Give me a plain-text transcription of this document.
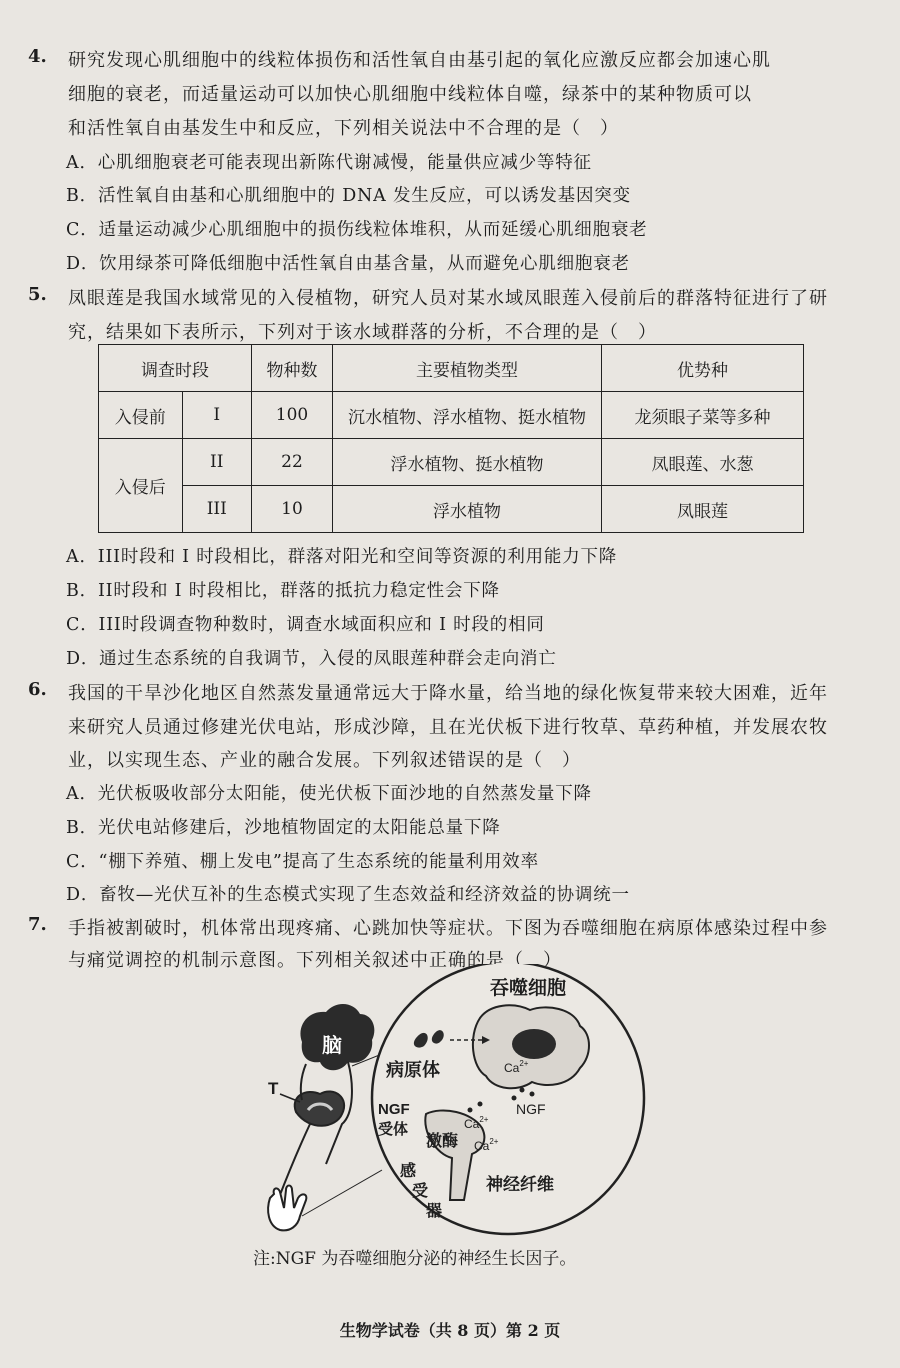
4. 研究发现心肌细胞中的线粒体损伤和活性氧自由基引起的氧化应激反应都会加速心肌
细胞的衰老，而适量运动可以加快心肌细胞中线粒体自噬，绿茶中的某种物质可以
和活性氧自由基发生中和反应，下列相关说法中不合理的是（　）
A．心肌细胞衰老可能表现出新陈代谢减慢，能量供应减少等特征
B．活性氧自由基和心肌细胞中的 DNA 发生反应，可以诱发基因突变
C．适量运动减少心肌细胞中的损伤线粒体堆积，从而延缓心肌细胞衰老
D．饮用绿茶可降低细胞中活性氧自由基含量，从而避免心肌细胞衰老
5. 凤眼莲是我国水域常见的入侵植物，研究人员对某水域凤眼莲入侵前后的群落特征进行了研
究，结果如下表所示，下列对于该水域群落的分析，不合理的是（　）
调查时段		物种数	主要植物类型	优势种
入侵前	I	100	沉水植物、浮水植物、挺水植物	龙须眼子菜等多种
入侵后	II	22	浮水植物、挺水植物	凤眼莲、水葱
	III	10	浮水植物	凤眼莲
A．III时段和 I 时段相比，群落对阳光和空间等资源的利用能力下降
B．II时段和 I 时段相比，群落的抵抗力稳定性会下降
C．III时段调查物种数时，调查水域面积应和 I 时段的相同
D．通过生态系统的自我调节，入侵的凤眼莲种群会走向消亡
6. 我国的干旱沙化地区自然蒸发量通常远大于降水量，给当地的绿化恢复带来较大困难，近年
来研究人员通过修建光伏电站，形成沙障，且在光伏板下进行牧草、草药种植，并发展农牧
业，以实现生态、产业的融合发展。下列叙述错误的是（　）
A．光伏板吸收部分太阳能，使光伏板下面沙地的自然蒸发量下降
B．光伏电站修建后，沙地植物固定的太阳能总量下降
C．“棚下养殖、棚上发电”提高了生态系统的能量利用效率
D．畜牧—光伏互补的生态模式实现了生态效益和经济效益的协调统一
7. 手指被割破时，机体常出现疼痛、心跳加快等症状。下图为吞噬细胞在病原体感染过程中参
与痛觉调控的机制示意图。下列相关叙述中正确的是（　）
脑
T
吞噬细胞
病原体	$Ca^{2+}$
NGF
NGF
受体
激酶
$Ca^{2+}$
$Ca^{2+}$
感
受
器
神经纤维
注:NGF 为吞噬细胞分泌的神经生长因子。
生物学试卷（共 8 页）第 2 页
